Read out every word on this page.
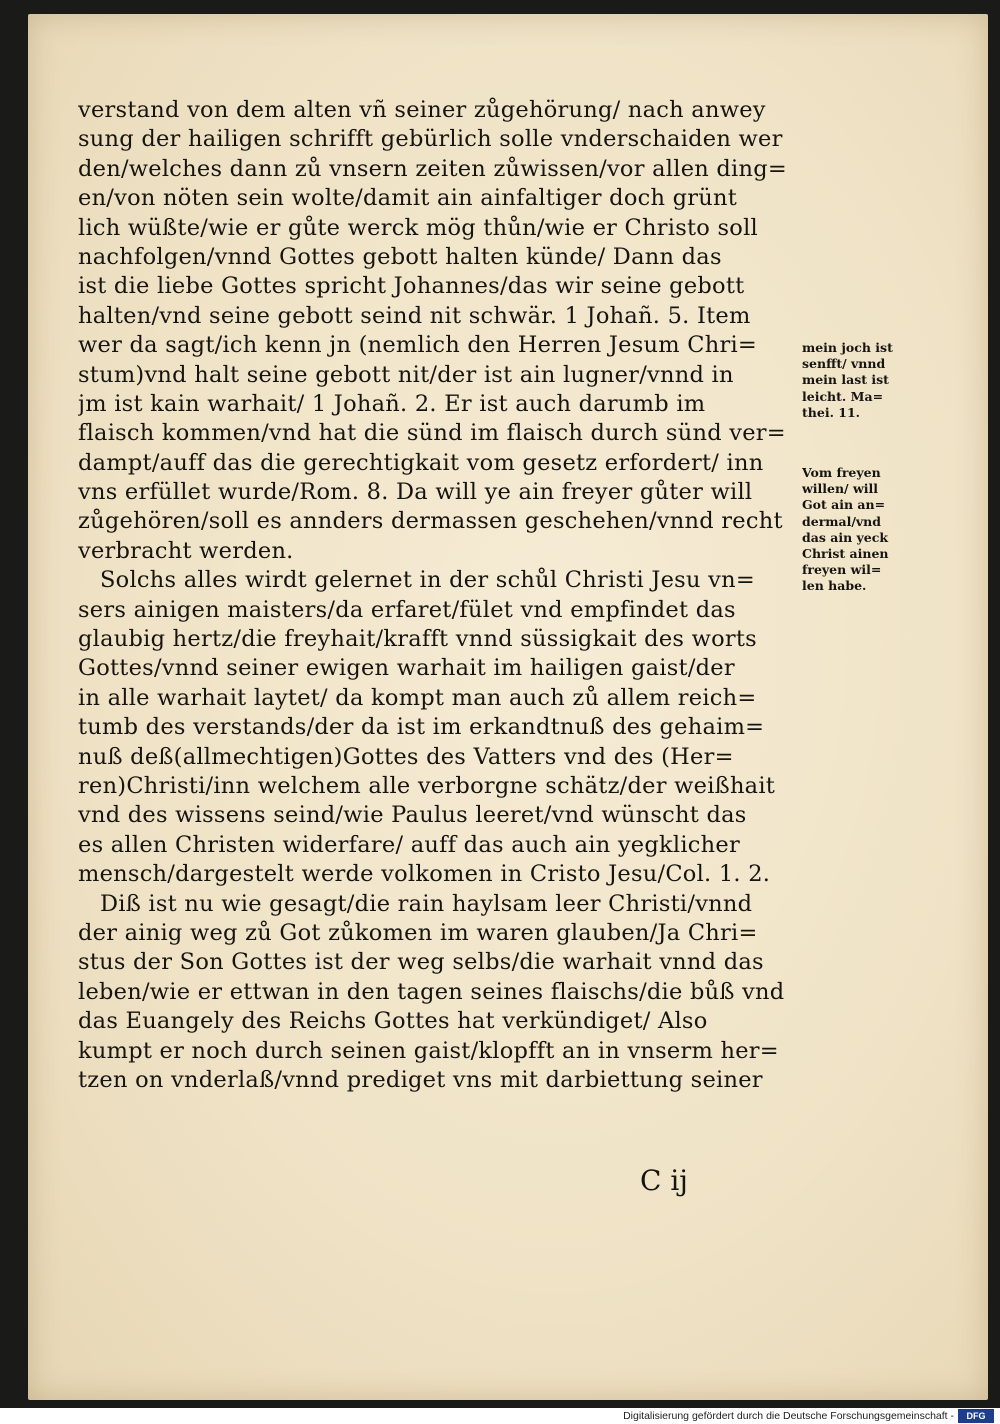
verstand von dem alten vñ seiner zůgehörung/ nach anwey
sung der hailigen schrifft gebürlich solle vnderschaiden wer
den/welches dann zů vnsern zeiten zůwissen/vor allen ding=
en/von nöten sein wolte/damit ain ainfaltiger doch grünt
lich wüßte/wie er gůte werck mög thůn/wie er Christo soll
nachfolgen/vnnd Gottes gebott halten künde/ Dann das
ist die liebe Gottes spricht Johannes/das wir seine gebott
halten/vnd seine gebott seind nit schwär. 1 Johañ. 5. Item
wer da sagt/ich kenn jn (nemlich den Herren Jesum Chri=
stum)vnd halt seine gebott nit/der ist ain lugner/vnnd in
jm ist kain warhait/ 1 Johañ. 2. Er ist auch darumb im
flaisch kommen/vnd hat die sünd im flaisch durch sünd ver=
dampt/auff das die gerechtigkait vom gesetz erfordert/ inn
vns erfüllet wurde/Rom. 8. Da will ye ain freyer gůter will
zůgehören/soll es annders dermassen geschehen/vnnd recht
verbracht werden.
Solchs alles wirdt gelernet in der schůl Christi Jesu vn=
sers ainigen maisters/da erfaret/fület vnd empfindet das
glaubig hertz/die freyhait/krafft vnnd süssigkait des worts
Gottes/vnnd seiner ewigen warhait im hailigen gaist/der
in alle warhait laytet/ da kompt man auch zů allem reich=
tumb des verstands/der da ist im erkandtnuß des gehaim=
nuß deß(allmechtigen)Gottes des Vatters vnd des (Her=
ren)Christi/inn welchem alle verborgne schätz/der weißhait
vnd des wissens seind/wie Paulus leeret/vnd wünscht das
es allen Christen widerfare/ auff das auch ain yegklicher
mensch/dargestelt werde volkomen in Cristo Jesu/Col. 1. 2.
Diß ist nu wie gesagt/die rain haylsam leer Christi/vnnd
der ainig weg zů Got zůkomen im waren glauben/Ja Chri=
stus der Son Gottes ist der weg selbs/die warhait vnnd das
leben/wie er ettwan in den tagen seines flaischs/die bůß vnd
das Euangely des Reichs Gottes hat verkündiget/ Also
kumpt er noch durch seinen gaist/klopfft an in vnserm her=
tzen on vnderlaß/vnnd prediget vns mit darbiettung seiner
mein joch ist
senfft/ vnnd
mein last ist
leicht. Ma=
thei. 11.
Vom freyen
willen/ will
Got ain an=
dermal/vnd
das ain yeck
Christ ainen
freyen wil=
len habe.
C ij
Digitalisierung gefördert durch die Deutsche Forschungsgemeinschaft -	DFG
